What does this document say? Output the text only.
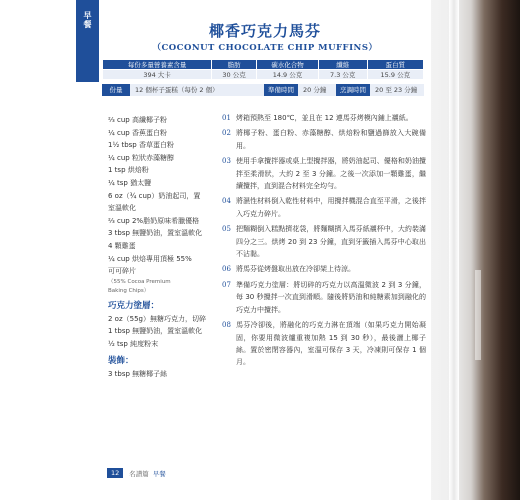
早餐
椰香巧克力馬芬
（COCONUT CHOCOLATE CHIP MUFFINS）
每份多量營養素含量	脂肪	碳水化合物	纖維	蛋白質
394 大卡	30 公克	14.9 公克	7.3 公克	15.9 公克
份量	12 個杯子蛋糕（每份 2 個）	準備時間	20 分鐘	烹調時間	20 至 23 分鐘
⅔ cup 高纖椰子粉
¼ cup 香蕉蛋白粉
1½ tbsp 香草蛋白粉
¼ cup 粒狀赤藻糖醇
1 tsp 烘焙粉
¼ tsp 猶太鹽
6 oz（¾ cup）奶油起司，置
室溫軟化
⅔ cup 2%脂奶原味希臘優格
3 tbsp 無鹽奶油，置室溫軟化
4 顆雞蛋
¼ cup 烘焙專用頂極 55%
可可碎片
（55% Cocoa Premium
Baking Chips）
巧克力塗層：
2 oz（55g）無糖巧克力，切碎
1 tbsp 無鹽奶油，置室溫軟化
½ tsp 純度粉末
裝飾：
3 tbsp 無糖椰子絲
01 烤箱預熱至 180℃，並且在 12 連馬芬烤模內鋪上襯紙。
02 將椰子粉、蛋白粉、赤藻糖醇、烘焙粉和鹽過篩放入大碗備用。
03 使用手拿攪拌器或桌上型攪拌器，將奶油起司、優格和奶油攪拌至柔滑狀，大約 2 至 3 分鐘。之後一次添加一顆雞蛋，繼續攪拌，直到混合材料完全均勻。
04 將濕性材料倒入乾性材料中，用攪拌機混合直至平滑，之後拌入巧克力碎片。
05 把麵糊倒入糕點擠花袋，將麵糊擠入馬芬紙襯杯中，大約裝滿四分之三。烘烤 20 到 23 分鐘，直到牙籤插入馬芬中心取出不沾黏。
06 將馬芬從烤盤取出放在冷卻架上待涼。
07 準備巧克力塗層：將切碎的巧克力以高溫微波 2 到 3 分鐘，每 30 秒攪拌一次直到滑順。隨後將奶油和純糖素加到融化的巧克力中攪拌。
08 馬芬冷卻後，將融化的巧克力淋在頂端（如果巧克力開始凝固，你要用微波爐重複加熱 15 到 30 秒），最後灑上椰子絲。置於密閉容器內，室溫可保存 3 天，冷凍則可保存 1 個月。
12	名譜篇 早餐
